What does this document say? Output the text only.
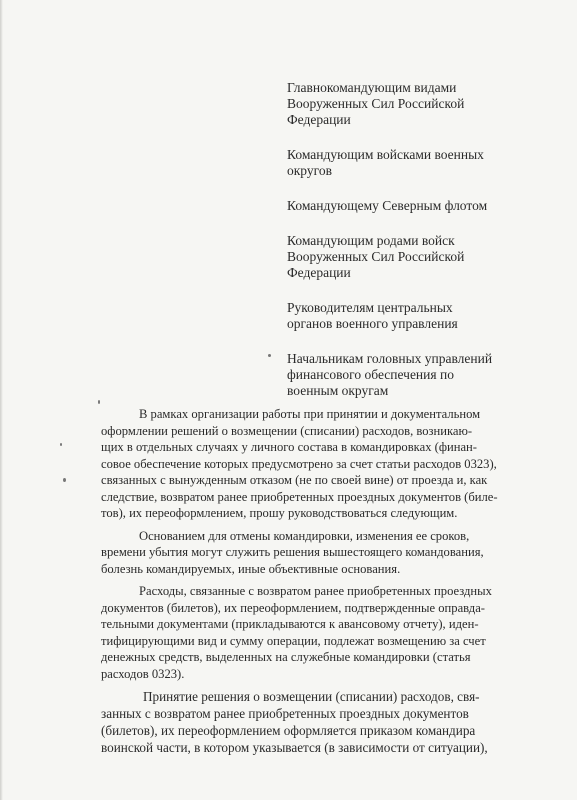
Главнокомандующим видами
Вооруженных Сил Российской
Федерации
Командующим войсками военных
округов
Командующему Северным флотом
Командующим родами войск
Вооруженных Сил Российской
Федерации
Руководителям центральных
органов военного управления
Начальникам головных управлений
финансового обеспечения по
военным округам
В рамках организации работы при принятии и документальном
оформлении решений о возмещении (списании) расходов, возникаю-
щих в отдельных случаях у личного состава в командировках (финан-
совое обеспечение которых предусмотрено за счет статьи расходов 0323),
связанных с вынужденным отказом (не по своей вине) от проезда и, как
следствие, возвратом ранее приобретенных проездных документов (биле-
тов), их переоформлением, прошу руководствоваться следующим.
Основанием для отмены командировки, изменения ее сроков,
времени убытия могут служить решения вышестоящего командования,
болезнь командируемых, иные объективные основания.
Расходы, связанные с возвратом ранее приобретенных проездных
документов (билетов), их переоформлением, подтвержденные оправда-
тельными документами (прикладываются к авансовому отчету), иден-
тифицирующими вид и сумму операции, подлежат возмещению за счет
денежных средств, выделенных на служебные командировки (статья
расходов 0323).
Принятие решения о возмещении (списании) расходов, свя-
занных с возвратом ранее приобретенных проездных документов
(билетов), их переоформлением оформляется приказом командира
воинской части, в котором указывается (в зависимости от ситуации),
